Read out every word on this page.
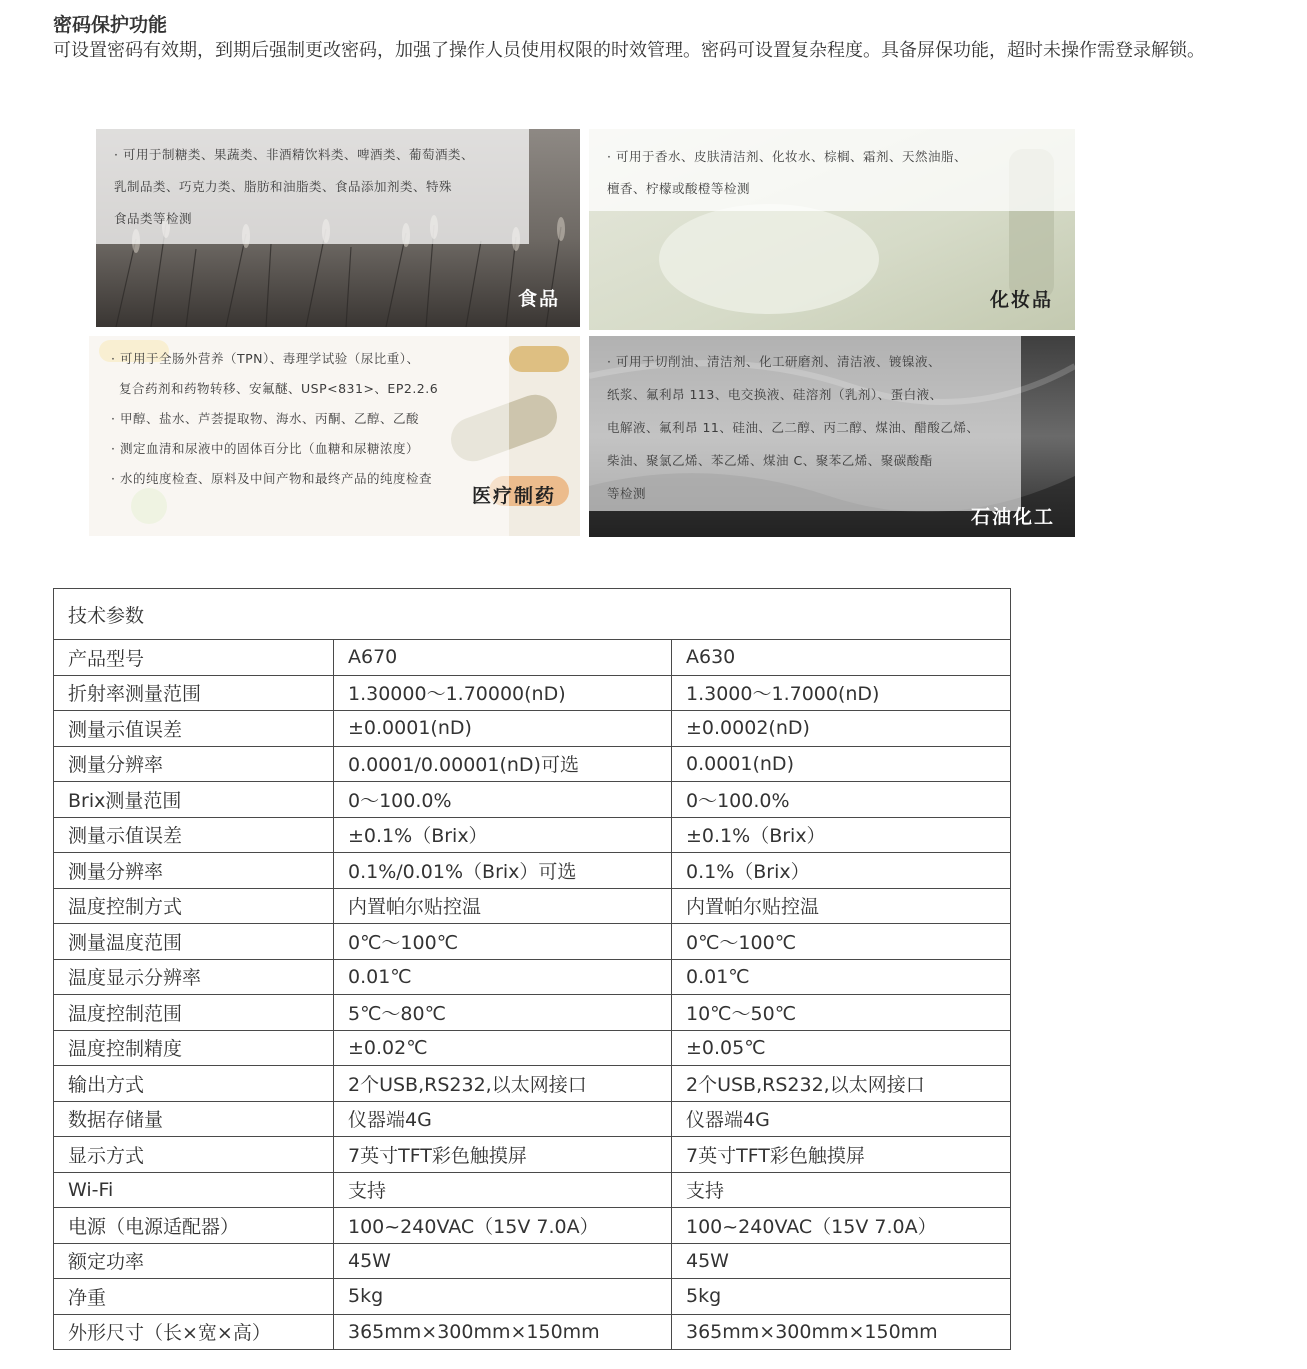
密码保护功能

可设置密码有效期，到期后强制更改密码，加强了操作人员使用权限的时效管理。密码可设置复杂程度。具备屏保功能，超时未操作需登录解锁。

· 可用于制糖类、果蔬类、非酒精饮料类、啤酒类、葡萄酒类、
乳制品类、巧克力类、脂肪和油脂类、食品添加剂类、特殊
食品类等检测
食品
· 可用于香水、皮肤清洁剂、化妆水、棕榈、霜剂、天然油脂、
檀香、柠檬或酸橙等检测
化妆品
· 可用于全肠外营养（TPN）、毒理学试验（尿比重）、
复合药剂和药物转移、安氟醚、USP<831>、EP2.2.6
· 甲醇、盐水、芦荟提取物、海水、丙酮、乙醇、乙酸
· 测定血清和尿液中的固体百分比（血糖和尿糖浓度）
· 水的纯度检查、原料及中间产物和最终产品的纯度检查
医疗制药
· 可用于切削油、清洁剂、化工研磨剂、清洁液、镀镍液、
纸浆、氟利昂 113、电交换液、硅溶剂（乳剂）、蛋白液、
电解液、氟利昂 11、硅油、乙二醇、丙二醇、煤油、醋酸乙烯、
柴油、聚氯乙烯、苯乙烯、煤油 C、聚苯乙烯、聚碳酸酯
等检测
石油化工
技术参数		
产品型号	A670	A630
折射率测量范围	1.30000～1.70000(nD)	1.3000～1.7000(nD)
测量示值误差	±0.0001(nD)	±0.0002(nD)
测量分辨率	0.0001/0.00001(nD)可选	0.0001(nD)
Brix测量范围	0～100.0%	0～100.0%
测量示值误差	±0.1%（Brix）	±0.1%（Brix）
测量分辨率	0.1%/0.01%（Brix）可选	0.1%（Brix）
温度控制方式	内置帕尔贴控温	内置帕尔贴控温
测量温度范围	0℃～100℃	0℃～100℃
温度显示分辨率	0.01℃	0.01℃
温度控制范围	5℃～80℃	10℃～50℃
温度控制精度	±0.02℃	±0.05℃
输出方式	2个USB,RS232,以太网接口	2个USB,RS232,以太网接口
数据存储量	仪器端4G	仪器端4G
显示方式	7英寸TFT彩色触摸屏	7英寸TFT彩色触摸屏
Wi-Fi	支持	支持
电源（电源适配器）	100~240VAC（15V 7.0A）	100~240VAC（15V 7.0A）
额定功率	45W	45W
净重	5kg	5kg
外形尺寸（长×宽×高）	365mm×300mm×150mm	365mm×300mm×150mm
